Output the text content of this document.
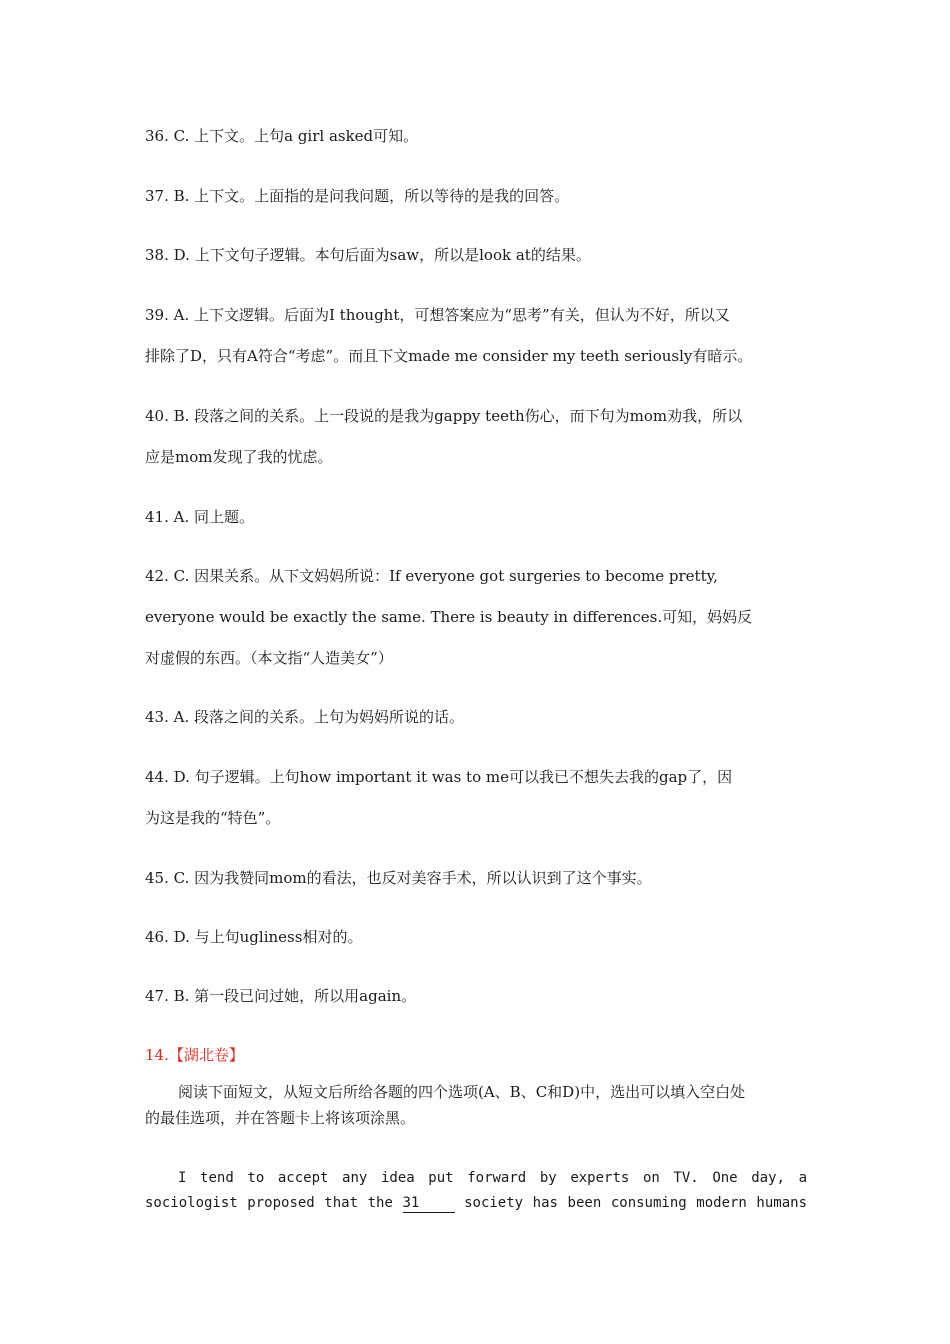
36. C. 上下文。上句a girl asked可知。
37. B. 上下文。上面指的是问我问题，所以等待的是我的回答。
38. D. 上下文句子逻辑。本句后面为saw，所以是look at的结果。
39. A. 上下文逻辑。后面为I thought，可想答案应为“思考”有关，但认为不好，所以又
排除了D，只有A符合“考虑”。而且下文made me consider my teeth seriously有暗示。
40. B. 段落之间的关系。上一段说的是我为gappy teeth伤心，而下句为mom劝我，所以
应是mom发现了我的忧虑。
41. A. 同上题。
42. C. 因果关系。从下文妈妈所说：If everyone got surgeries to become pretty,
everyone would be exactly the same. There is beauty in differences.可知，妈妈反
对虚假的东西。（本文指“人造美女”）
43. A. 段落之间的关系。上句为妈妈所说的话。
44. D. 句子逻辑。上句how important it was to me可以我已不想失去我的gap了，因
为这是我的“特色”。
45. C. 因为我赞同mom的看法，也反对美容手术，所以认识到了这个事实。
46. D. 与上句ugliness相对的。
47. B. 第一段已问过她，所以用again。
14.【湖北卷】
阅读下面短文，从短文后所给各题的四个选项(A、B、C和D)中，选出可以填入空白处
的最佳选项，并在答题卡上将该项涂黑。
I tend to accept any idea put forward by experts on TV. One day, a
sociologist proposed that the 31	society has been consuming modern humans
